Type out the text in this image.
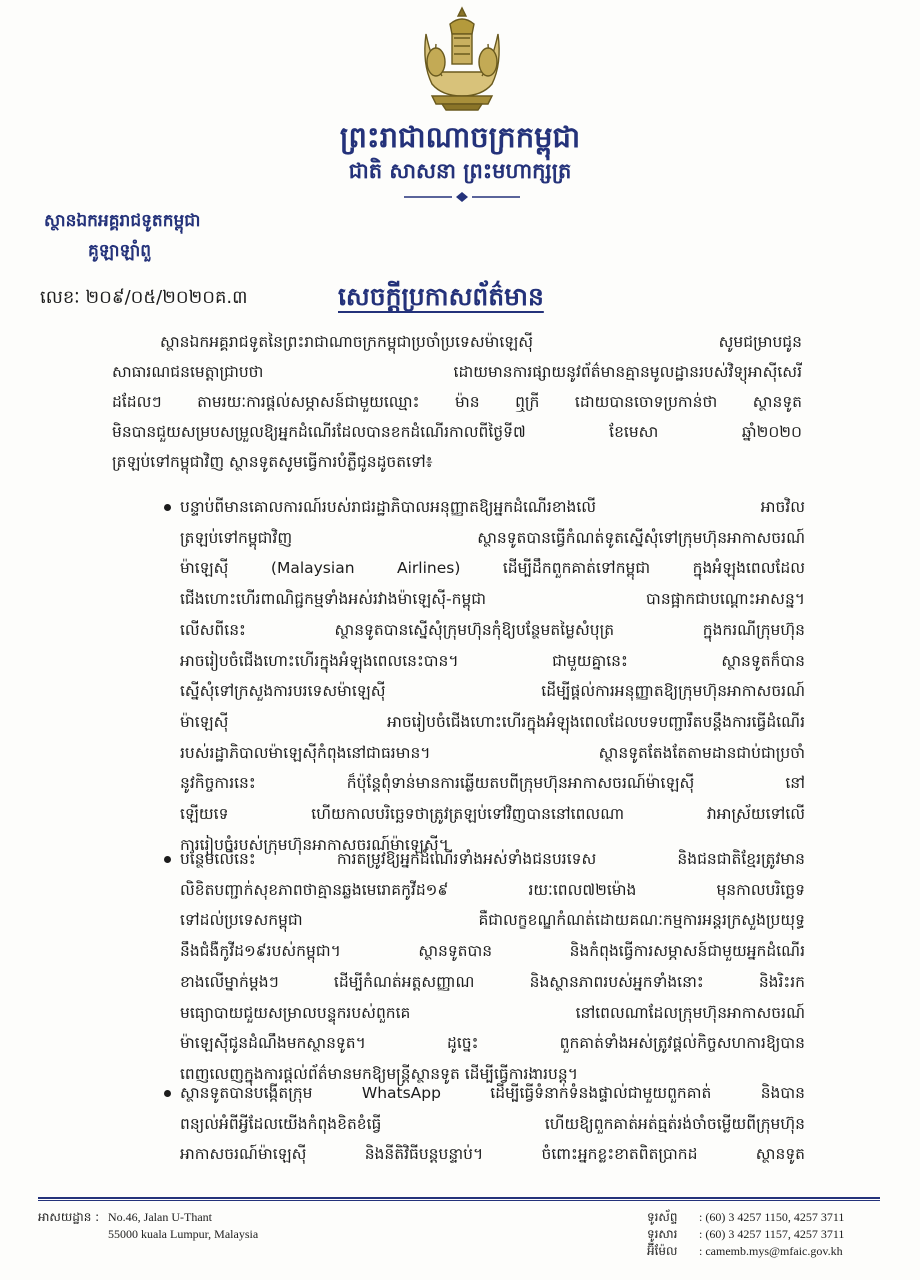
ព្រះរាជាណាចក្រកម្ពុជា
ជាតិ សាសនា ព្រះមហាក្សត្រ
ស្ថានឯកអគ្គរាជទូតកម្ពុជា
គូឡាឡាំពួ
លេខៈ ២០៩/០៥/២០២០គ.៣	សេចក្តីប្រកាសព័ត៌មាន
ស្ថានឯកអគ្គរាជទូតនៃព្រះរាជាណាចក្រកម្ពុជាប្រចាំប្រទេសម៉ាឡេស៊ី សូមជម្រាបជូន
សាធារណជនមេត្តាជ្រាបថា ដោយមានការផ្សាយនូវព័ត៌មានគ្មានមូលដ្ឋានរបស់វិទ្យុអាស៊ីសេរី
ដដែលៗ តាមរយៈការផ្តល់សម្ភាសន៍ជាមួយឈ្មោះ ម៉ាន ឮក្រី ដោយបានចោទប្រកាន់ថា ស្ថានទូត
មិនបានជួយសម្របសម្រួលឱ្យអ្នកដំណើរដែលបានខកដំណើរកាលពីថ្ងៃទី៧ ខែមេសា ឆ្នាំ២០២០
ត្រឡប់ទៅកម្ពុជាវិញ ស្ថានទូតសូមធ្វើការបំភ្លឺជូនដូចតទៅ៖
បន្ទាប់ពីមានគោលការណ៍របស់រាជរដ្ឋាភិបាលអនុញ្ញាតឱ្យអ្នកដំណើរខាងលើ អាចវិល
ត្រឡប់ទៅកម្ពុជាវិញ ស្ថានទូតបានធ្វើកំណត់ទូតស្នើសុំទៅក្រុមហ៊ុនអាកាសចរណ៍
ម៉ាឡេស៊ី (Malaysian Airlines) ដើម្បីដឹកពួកគាត់ទៅកម្ពុជា ក្នុងអំឡុងពេលដែល
ជើងហោះហើរពាណិជ្ជកម្មទាំងអស់រវាងម៉ាឡេស៊ី-កម្ពុជា បានផ្អាកជាបណ្តោះអាសន្ន។
លើសពីនេះ ស្ថានទូតបានស្នើសុំក្រុមហ៊ុនកុំឱ្យបន្ថែមតម្លៃសំបុត្រ ក្នុងករណីក្រុមហ៊ុន
អាចរៀបចំជើងហោះហើរក្នុងអំឡុងពេលនេះបាន។ ជាមួយគ្នានេះ ស្ថានទូតក៏បាន
ស្នើសុំទៅក្រសួងការបរទេសម៉ាឡេស៊ី ដើម្បីផ្តល់ការអនុញ្ញាតឱ្យក្រុមហ៊ុនអាកាសចរណ៍
ម៉ាឡេស៊ី អាចរៀបចំជើងហោះហើរក្នុងអំឡុងពេលដែលបទបញ្ជារឹតបន្តឹងការធ្វើដំណើរ
របស់រដ្ឋាភិបាលម៉ាឡេស៊ីកំពុងនៅជាធរមាន។ ស្ថានទូតតែងតែតាមដានជាប់ជាប្រចាំ
នូវកិច្ចការនេះ ក៏ប៉ុន្តែពុំទាន់មានការឆ្លើយតបពីក្រុមហ៊ុនអាកាសចរណ៍ម៉ាឡេស៊ី នៅ
ឡើយទេ ហើយកាលបរិច្ឆេទថាត្រូវត្រឡប់ទៅវិញបាននៅពេលណា វាអាស្រ័យទៅលើ
ការរៀបចំរបស់ក្រុមហ៊ុនអាកាសចរណ៍ម៉ាឡេស៊ី។
បន្ថែមលើនេះ ការតម្រូវឱ្យអ្នកដំណើរទាំងអស់ទាំងជនបរទេស និងជនជាតិខ្មែរត្រូវមាន
លិខិតបញ្ជាក់សុខភាពថាគ្មានឆ្លងមេរោគកូវីដ១៩ រយៈពេល៧២ម៉ោង មុនកាលបរិច្ឆេទ
ទៅដល់ប្រទេសកម្ពុជា គឺជាលក្ខខណ្ឌកំណត់ដោយគណៈកម្មការអន្តរក្រសួងប្រយុទ្ធ
នឹងជំងឺកូវីដ១៩របស់កម្ពុជា។ ស្ថានទូតបាន និងកំពុងធ្វើការសម្ភាសន៍ជាមួយអ្នកដំណើរ
ខាងលើម្នាក់ម្តងៗ ដើម្បីកំណត់អត្តសញ្ញាណ និងស្ថានភាពរបស់អ្នកទាំងនោះ និងរិះរក
មធ្យោបាយជួយសម្រាលបន្ទុករបស់ពួកគេ នៅពេលណាដែលក្រុមហ៊ុនអាកាសចរណ៍
ម៉ាឡេស៊ីជូនដំណឹងមកស្ថានទូត។ ដូច្នេះ ពួកគាត់ទាំងអស់ត្រូវផ្តល់កិច្ចសហការឱ្យបាន
ពេញលេញក្នុងការផ្តល់ព័ត៌មានមកឱ្យមន្ត្រីស្ថានទូត ដើម្បីធ្វើការងារបន្ត។
ស្ថានទូតបានបង្កើតក្រុម WhatsApp ដើម្បីធ្វើទំនាក់ទំនងផ្ទាល់ជាមួយពួកគាត់ និងបាន
ពន្យល់អំពីអ្វីដែលយើងកំពុងខិតខំធ្វើ ហើយឱ្យពួកគាត់អត់ធ្មត់រង់ចាំចម្លើយពីក្រុមហ៊ុន
អាកាសចរណ៍ម៉ាឡេស៊ី និងនីតិវិធីបន្តបន្ទាប់។ ចំពោះអ្នកខ្លះខាតពិតប្រាកដ ស្ថានទូត
អាសយដ្ឋាន : No.46, Jalan U-Thant
55000 kuala Lumpur, Malaysia
ទូរស័ព្ទ : (60) 3 4257 1150, 4257 3711
ទូរសារ : (60) 3 4257 1157, 4257 3711
អ៊ីម៉ែល : camemb.mys@mfaic.gov.kh
